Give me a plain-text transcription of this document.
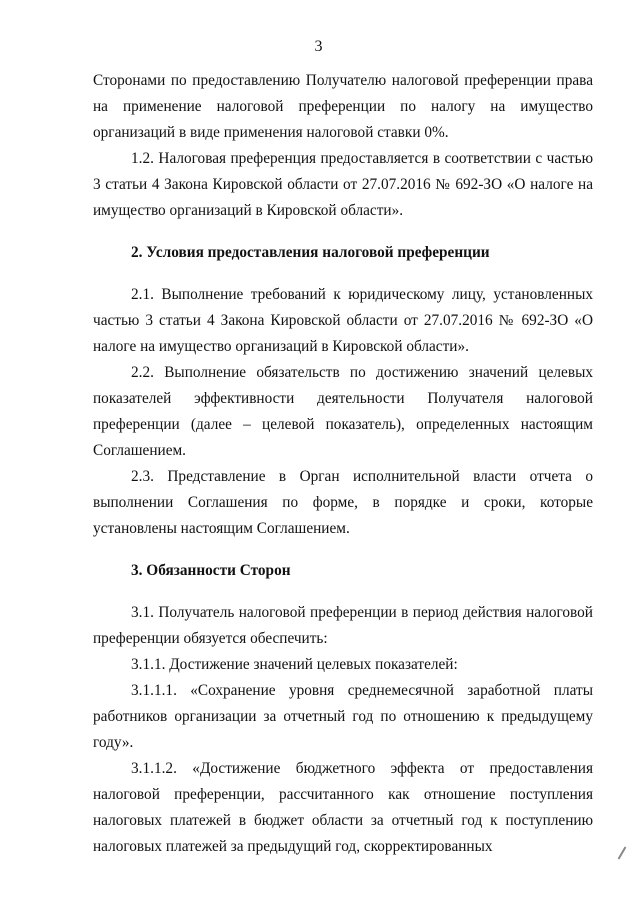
3

Сторонами по предоставлению Получателю налоговой преференции права на применение налоговой преференции по налогу на имущество организаций в виде применения налоговой ставки 0%.

1.2. Налоговая преференция предоставляется в соответствии с частью 3 статьи 4 Закона Кировской области от 27.07.2016 № 692-ЗО «О налоге на имущество организаций в Кировской области».

2. Условия предоставления налоговой преференции

2.1. Выполнение требований к юридическому лицу, установленных частью 3 статьи 4 Закона Кировской области от 27.07.2016 № 692-ЗО «О налоге на имущество организаций в Кировской области».

2.2. Выполнение обязательств по достижению значений целевых показателей эффективности деятельности Получателя налоговой преференции (далее – целевой показатель), определенных настоящим Соглашением.

2.3. Представление в Орган исполнительной власти отчета о выполнении Соглашения по форме, в порядке и сроки, которые установлены настоящим Соглашением.

3. Обязанности Сторон

3.1. Получатель налоговой преференции в период действия налоговой преференции обязуется обеспечить:

3.1.1. Достижение значений целевых показателей:

3.1.1.1. «Сохранение уровня среднемесячной заработной платы работников организации за отчетный год по отношению к предыдущему году».

3.1.1.2. «Достижение бюджетного эффекта от предоставления налоговой преференции, рассчитанного как отношение поступления налоговых платежей в бюджет области за отчетный год к поступлению налоговых платежей за предыдущий год, скорректированных
